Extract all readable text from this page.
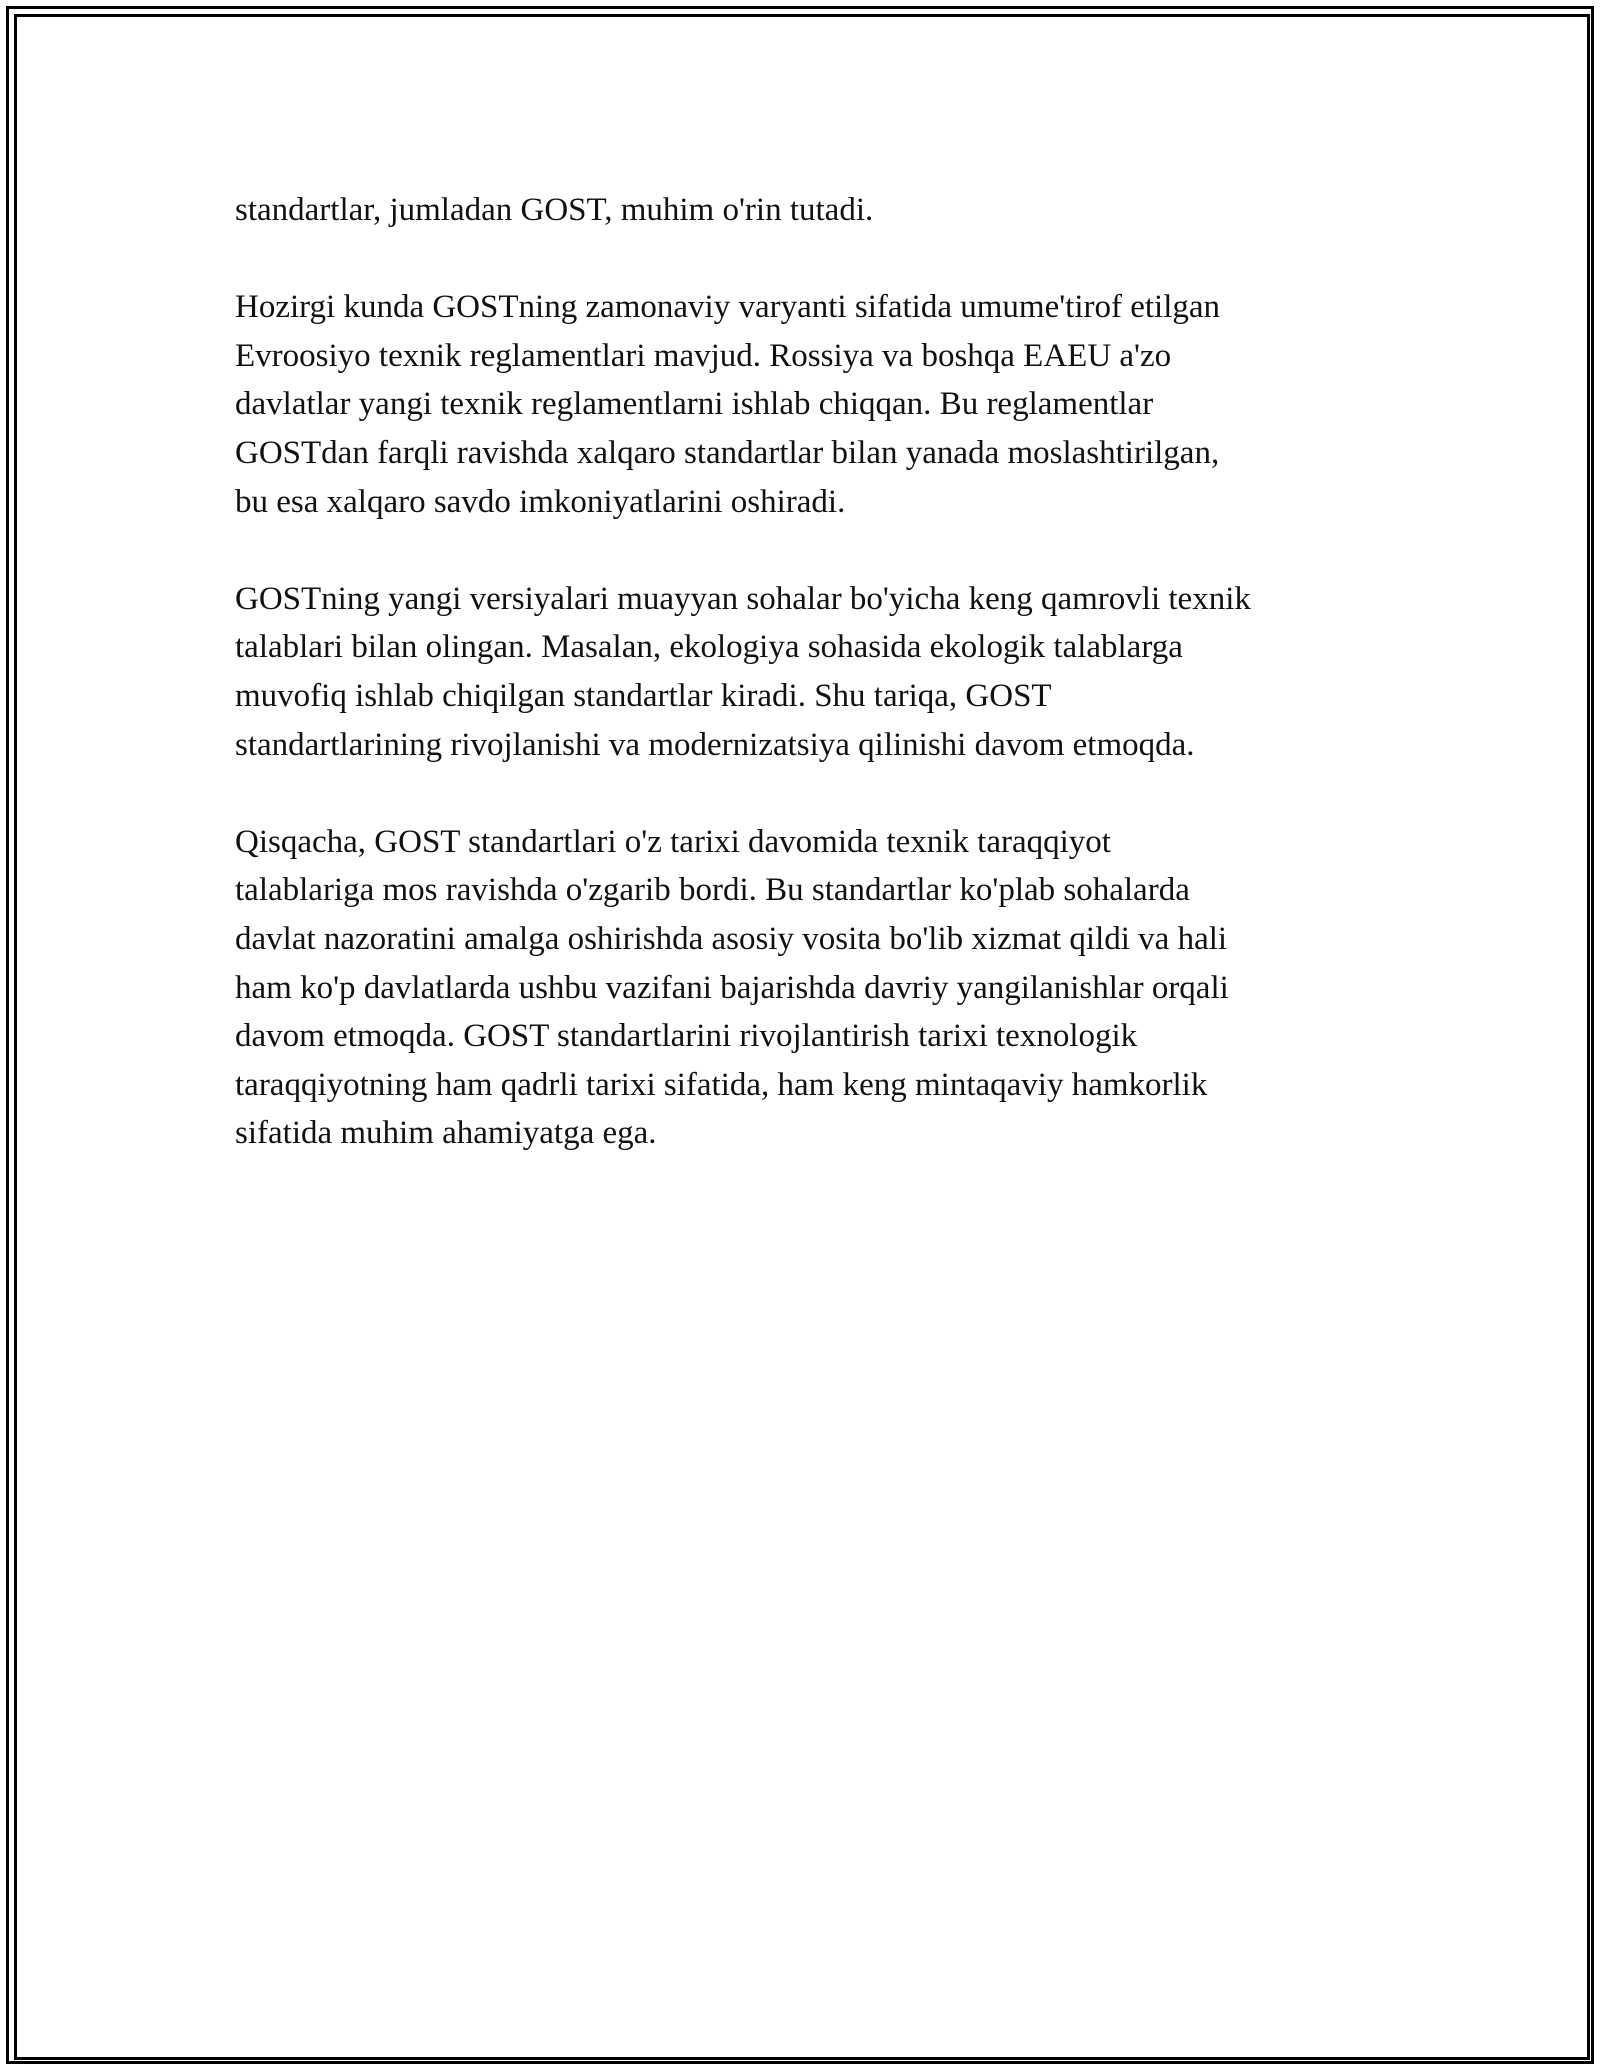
standartlar, jumladan GOST, muhim o'rin tutadi.

Hozirgi kunda GOSTning zamonaviy varyanti sifatida umume'tirof etilgan
Evroosiyo texnik reglamentlari mavjud. Rossiya va boshqa EAEU a'zo
davlatlar yangi texnik reglamentlarni ishlab chiqqan. Bu reglamentlar
GOSTdan farqli ravishda xalqaro standartlar bilan yanada moslashtirilgan,
bu esa xalqaro savdo imkoniyatlarini oshiradi.

GOSTning yangi versiyalari muayyan sohalar bo'yicha keng qamrovli texnik
talablari bilan olingan. Masalan, ekologiya sohasida ekologik talablarga
muvofiq ishlab chiqilgan standartlar kiradi. Shu tariqa, GOST
standartlarining rivojlanishi va modernizatsiya qilinishi davom etmoqda.

Qisqacha, GOST standartlari o'z tarixi davomida texnik taraqqiyot
talablariga mos ravishda o'zgarib bordi. Bu standartlar ko'plab sohalarda
davlat nazoratini amalga oshirishda asosiy vosita bo'lib xizmat qildi va hali
ham ko'p davlatlarda ushbu vazifani bajarishda davriy yangilanishlar orqali
davom etmoqda. GOST standartlarini rivojlantirish tarixi texnologik
taraqqiyotning ham qadrli tarixi sifatida, ham keng mintaqaviy hamkorlik
sifatida muhim ahamiyatga ega.
